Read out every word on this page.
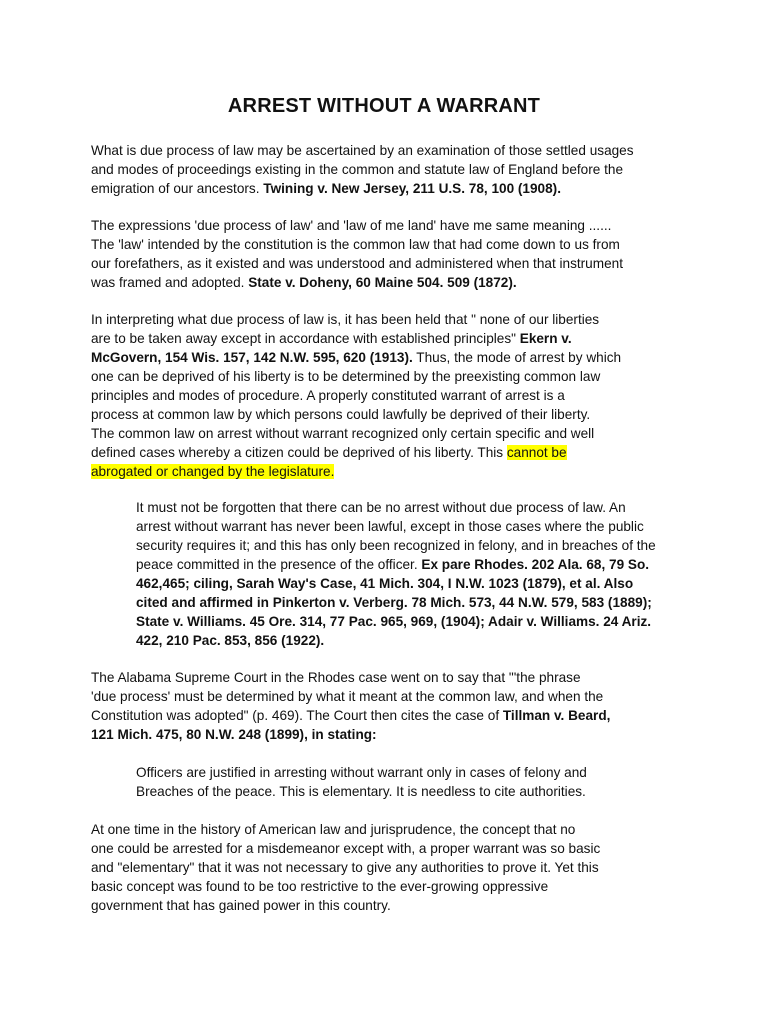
ARREST WITHOUT A WARRANT
What is due process of law may be ascertained by an examination of those settled usages
and modes of proceedings existing in the common and statute law of England before the
emigration of our ancestors. Twining v. New Jersey, 211 U.S. 78, 100 (1908).
The expressions 'due process of law' and 'law of me land' have me same meaning ......
The 'law' intended by the constitution is the common law that had come down to us from
our forefathers, as it existed and was understood and administered when that instrument
was framed and adopted. State v. Doheny, 60 Maine 504. 509 (1872).
In interpreting what due process of law is, it has been held that " none of our liberties
are to be taken away except in accordance with established principles" Ekern v.
McGovern, 154 Wis. 157, 142 N.W. 595, 620 (1913). Thus, the mode of arrest by which
one can be deprived of his liberty is to be determined by the preexisting common law
principles and modes of procedure. A properly constituted warrant of arrest is a
process at common law by which persons could lawfully be deprived of their liberty.
The common law on arrest without warrant recognized only certain specific and well
defined cases whereby a citizen could be deprived of his liberty. This cannot be
abrogated or changed by the legislature.
It must not be forgotten that there can be no arrest without due process of law. An
arrest without warrant has never been lawful, except in those cases where the public
security requires it; and this has only been recognized in felony, and in breaches of the
peace committed in the presence of the officer. Ex pare Rhodes. 202 Ala. 68, 79 So.
462,465; ciling, Sarah Way's Case, 41 Mich. 304, I N.W. 1023 (1879), et al. Also
cited and affirmed in Pinkerton v. Verberg. 78 Mich. 573, 44 N.W. 579, 583 (1889);
State v. Williams. 45 Ore. 314, 77 Pac. 965, 969, (1904); Adair v. Williams. 24 Ariz.
422, 210 Pac. 853, 856 (1922).
The Alabama Supreme Court in the Rhodes case went on to say that "'the phrase
'due process' must be determined by what it meant at the common law, and when the
Constitution was adopted" (p. 469). The Court then cites the case of Tillman v. Beard,
121 Mich. 475, 80 N.W. 248 (1899), in stating:
Officers are justified in arresting without warrant only in cases of felony and
Breaches of the peace. This is elementary. It is needless to cite authorities.
At one time in the history of American law and jurisprudence, the concept that no
one could be arrested for a misdemeanor except with, a proper warrant was so basic
and "elementary" that it was not necessary to give any authorities to prove it. Yet this
basic concept was found to be too restrictive to the ever-growing oppressive
government that has gained power in this country.
